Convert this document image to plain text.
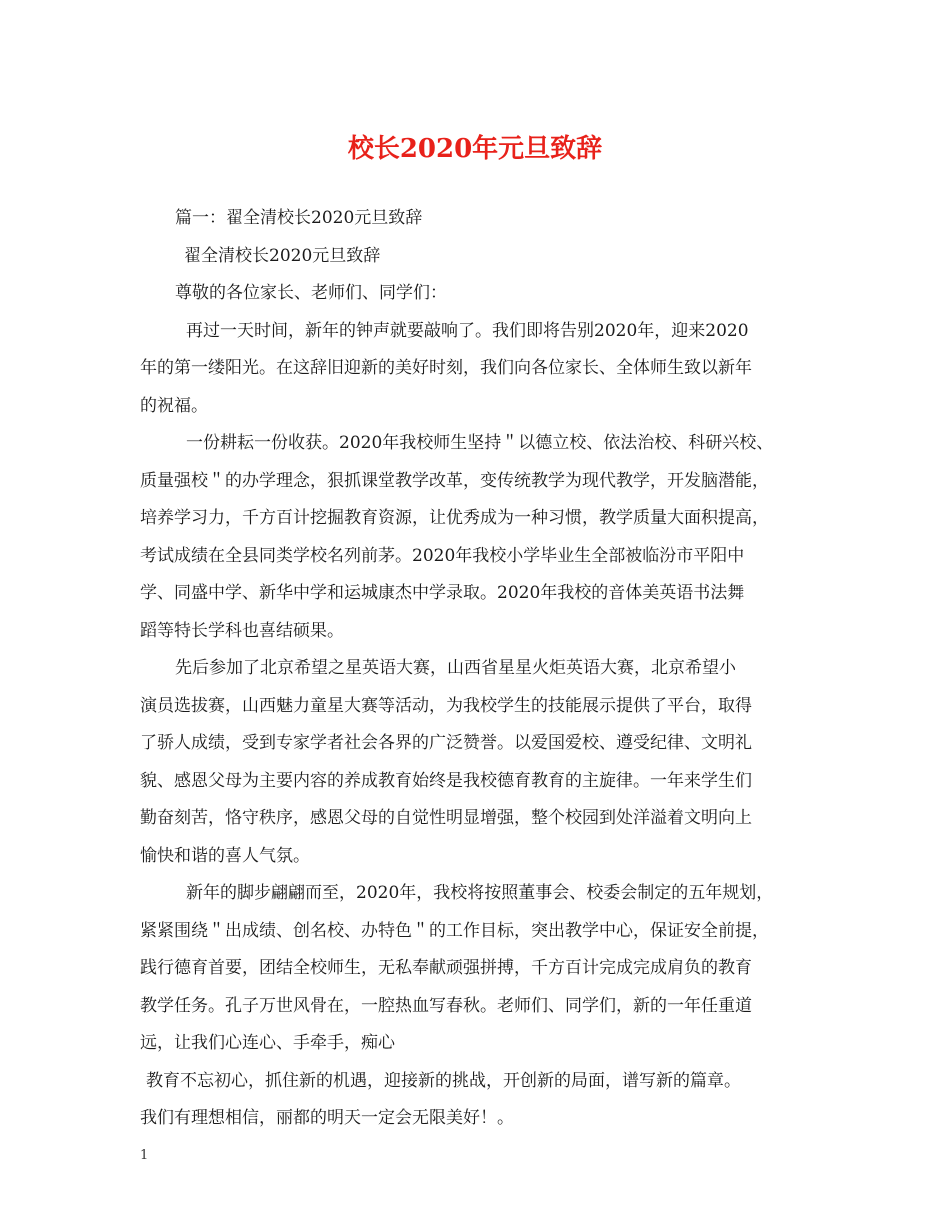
校长2020年元旦致辞

篇一：翟全清校长2020元旦致辞

翟全清校长2020元旦致辞

尊敬的各位家长、老师们、同学们：

再过一天时间，新年的钟声就要敲响了。我们即将告别2020年，迎来2020

年的第一缕阳光。在这辞旧迎新的美好时刻，我们向各位家长、全体师生致以新年

的祝福。

一份耕耘一份收获。2020年我校师生坚持＂以德立校、依法治校、科研兴校、

质量强校＂的办学理念，狠抓课堂教学改革，变传统教学为现代教学，开发脑潜能，

培养学习力，千方百计挖掘教育资源，让优秀成为一种习惯，教学质量大面积提高，

考试成绩在全县同类学校名列前茅。2020年我校小学毕业生全部被临汾市平阳中

学、同盛中学、新华中学和运城康杰中学录取。2020年我校的音体美英语书法舞

蹈等特长学科也喜结硕果。

先后参加了北京希望之星英语大赛，山西省星星火炬英语大赛，北京希望小

演员选拔赛，山西魅力童星大赛等活动，为我校学生的技能展示提供了平台，取得

了骄人成绩，受到专家学者社会各界的广泛赞誉。以爱国爱校、遵受纪律、文明礼

貌、感恩父母为主要内容的养成教育始终是我校德育教育的主旋律。一年来学生们

勤奋刻苦，恪守秩序，感恩父母的自觉性明显增强，整个校园到处洋溢着文明向上

愉快和谐的喜人气氛。

新年的脚步翩翩而至，2020年，我校将按照董事会、校委会制定的五年规划，

紧紧围绕＂出成绩、创名校、办特色＂的工作目标，突出教学中心，保证安全前提，

践行德育首要，团结全校师生，无私奉献顽强拼搏，千方百计完成完成肩负的教育

教学任务。孔子万世风骨在，一腔热血写春秋。老师们、同学们，新的一年任重道

远，让我们心连心、手牵手，痴心

教育不忘初心，抓住新的机遇，迎接新的挑战，开创新的局面，谱写新的篇章。

我们有理想相信，丽都的明天一定会无限美好！。

1
